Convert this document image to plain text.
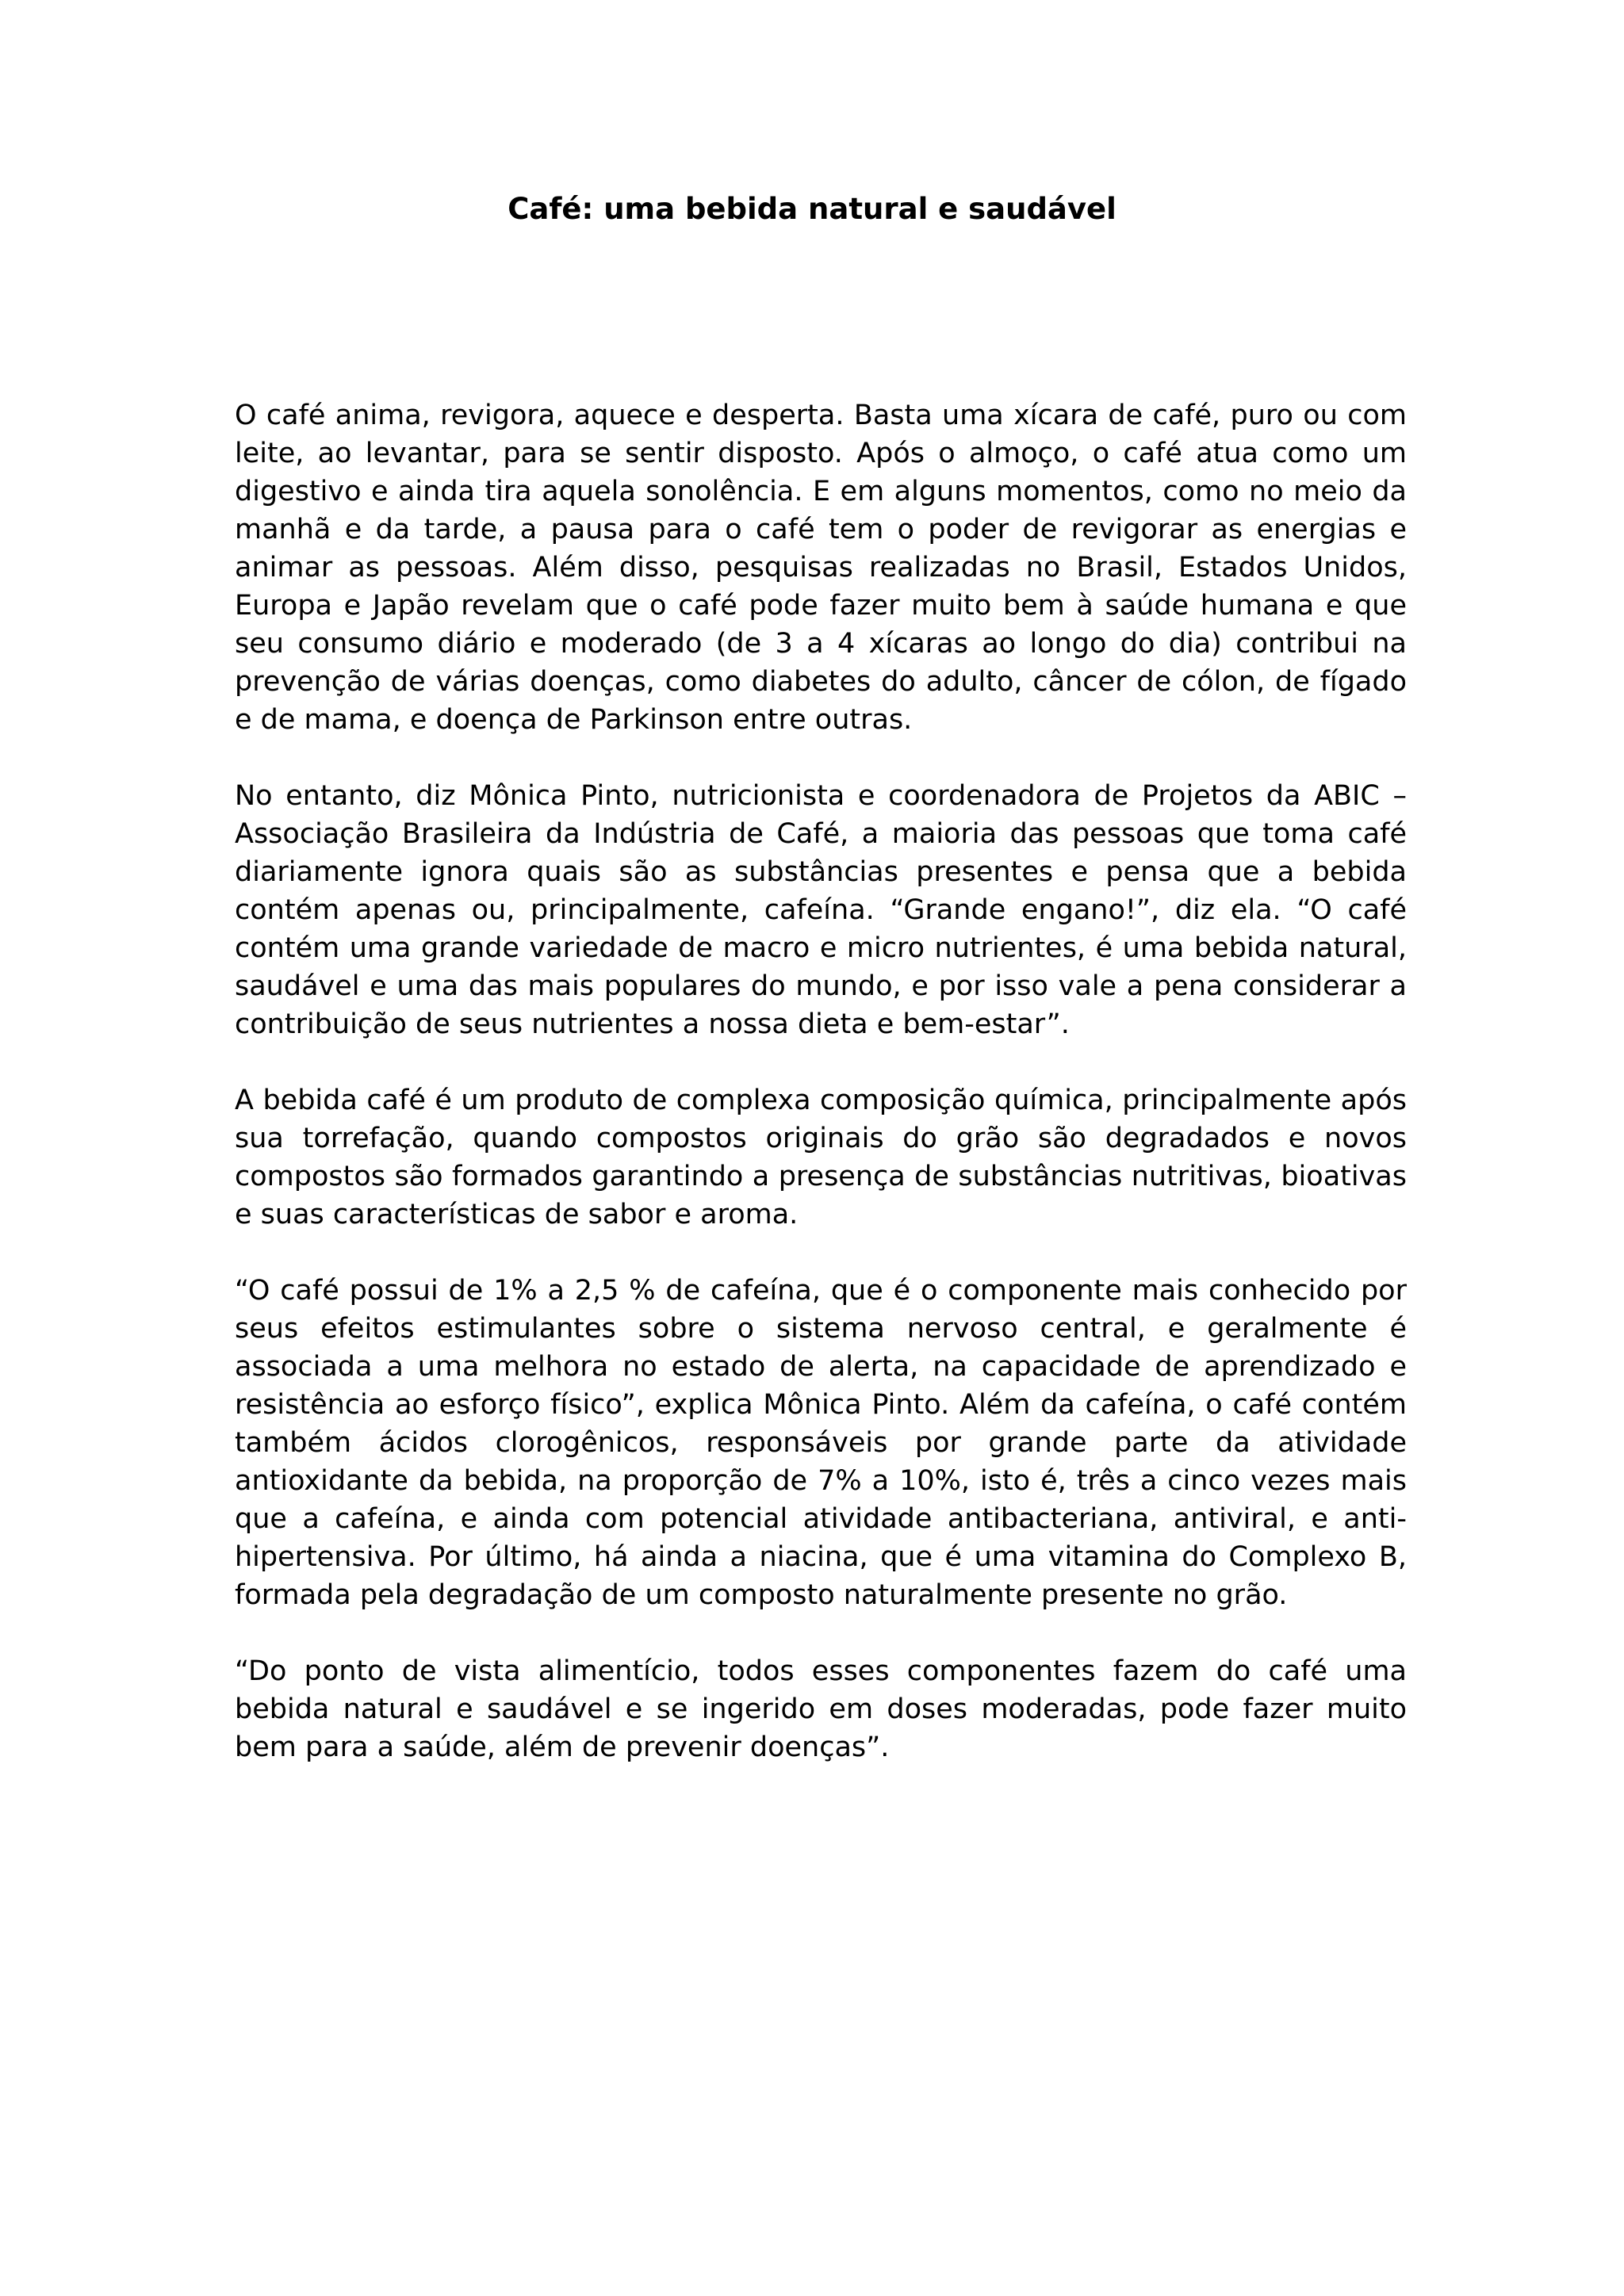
Café: uma bebida natural e saudável

O café anima, revigora, aquece e desperta. Basta uma xícara de café, puro ou com leite, ao levantar, para se sentir disposto. Após o almoço, o café atua como um digestivo e ainda tira aquela sonolência. E em alguns momentos, como no meio da manhã e da tarde, a pausa para o café tem o poder de revigorar as energias e animar as pessoas. Além disso, pesquisas realizadas no Brasil, Estados Unidos, Europa e Japão revelam que o café pode fazer muito bem à saúde humana e que seu consumo diário e moderado (de 3 a 4 xícaras ao longo do dia) contribui na prevenção de várias doenças, como diabetes do adulto, câncer de cólon, de fígado e de mama, e doença de Parkinson entre outras.

No entanto, diz Mônica Pinto, nutricionista e coordenadora de Projetos da ABIC – Associação Brasileira da Indústria de Café, a maioria das pessoas que toma café diariamente ignora quais são as substâncias presentes e pensa que a bebida contém apenas ou, principalmente, cafeína. “Grande engano!”, diz ela. “O café contém uma grande variedade de macro e micro nutrientes, é uma bebida natural, saudável e uma das mais populares do mundo, e por isso vale a pena considerar a contribuição de seus nutrientes a nossa dieta e bem-estar”.

A bebida café é um produto de complexa composição química, principalmente após sua torrefação, quando compostos originais do grão são degradados e novos compostos são formados garantindo a presença de substâncias nutritivas, bioativas e suas características de sabor e aroma.

“O café possui de 1% a 2,5 % de cafeína, que é o componente mais conhecido por seus efeitos estimulantes sobre o sistema nervoso central, e geralmente é associada a uma melhora no estado de alerta, na capacidade de aprendizado e resistência ao esforço físico”, explica Mônica Pinto. Além da cafeína, o café contém também ácidos clorogênicos, responsáveis por grande parte da atividade antioxidante da bebida, na proporção de 7% a 10%, isto é, três a cinco vezes mais que a cafeína, e ainda com potencial atividade antibacteriana, antiviral, e anti-hipertensiva. Por último, há ainda a niacina, que é uma vitamina do Complexo B, formada pela degradação de um composto naturalmente presente no grão.

“Do ponto de vista alimentício, todos esses componentes fazem do café uma bebida natural e saudável e se ingerido em doses moderadas, pode fazer muito bem para a saúde, além de prevenir doenças”.
